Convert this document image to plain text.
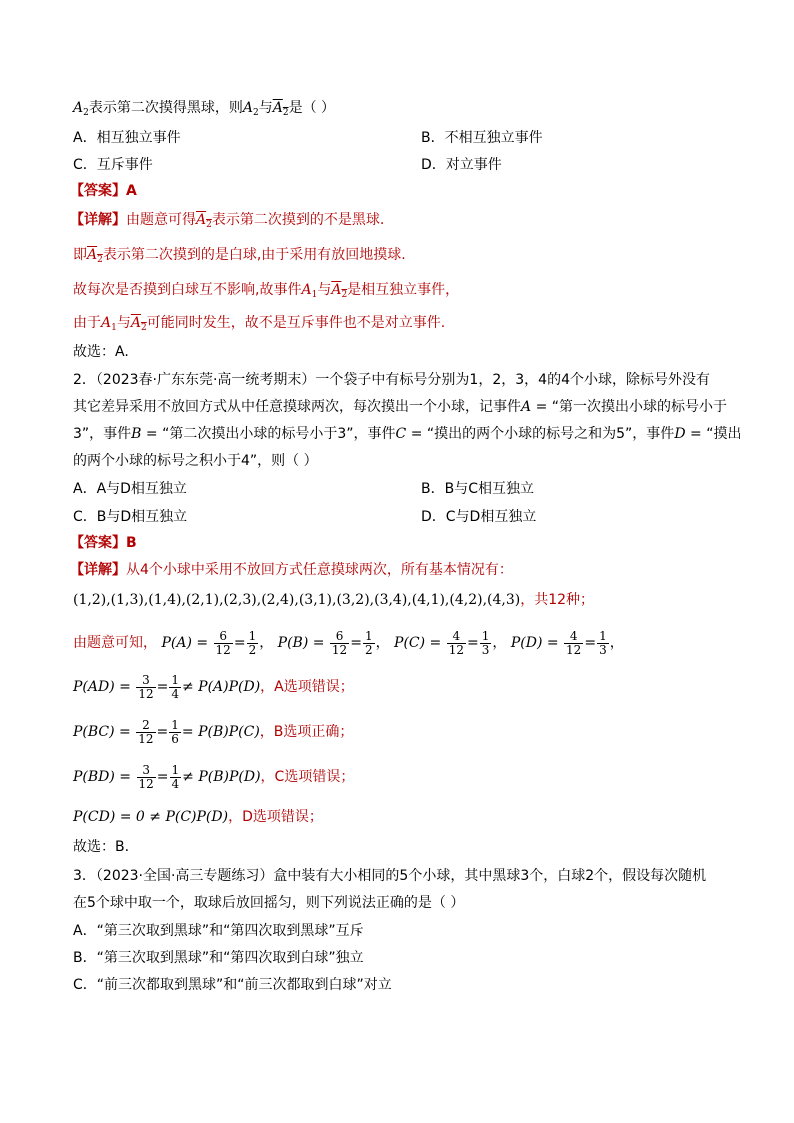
$A_2$表示第二次摸得黑球，则$A_2$与$A_2$是（ ）
A．相互独立事件	B．不相互独立事件
C．互斥事件	D．对立事件
【答案】A
【详解】由题意可得$A_2$表示第二次摸到的不是黑球.
即$A_2$表示第二次摸到的是白球,由于采用有放回地摸球.
故每次是否摸到白球互不影响,故事件$A_1$与$A_2$是相互独立事件，
由于$A_1$与$A_2$可能同时发生，故不是互斥事件也不是对立事件.
故选：A.
2．（2023春·广东东莞·高一统考期末）一个袋子中有标号分别为1，2，3，4的4个小球，除标号外没有
其它差异采用不放回方式从中任意摸球两次，每次摸出一个小球，记事件A = “第一次摸出小球的标号小于
3”，事件B = “第二次摸出小球的标号小于3”，事件C = “摸出的两个小球的标号之和为5”，事件D = “摸出
的两个小球的标号之积小于4”，则（ ）
A．A与D相互独立	B．B与C相互独立
C．B与D相互独立	D．C与D相互独立
【答案】B
【详解】从4个小球中采用不放回方式任意摸球两次，所有基本情况有：
(1,2),(1,3),(1,4),(2,1),(2,3),(2,4),(3,1),(3,2),(3,4),(4,1),(4,2),(4,3)，共12种；
由题意可知， $P(A) = \frac{6}{12} = \frac{1}{2}$ ， $P(B) = \frac{6}{12} = \frac{1}{2}$ ， $P(C) = \frac{4}{12} = \frac{1}{3}$ ， $P(D) = \frac{4}{12} = \frac{1}{3}$ ，
$P(AD) = \frac{3}{12} = \frac{1}{4} \ne P(A)P(D)$，A选项错误；
$P(BC) = \frac{2}{12} = \frac{1}{6} = P(B)P(C)$，B选项正确；
$P(BD) = \frac{3}{12} = \frac{1}{4} \ne P(B)P(D)$，C选项错误；
P(CD) = 0 ≠ P(C)P(D)，D选项错误；
故选：B.
3．（2023·全国·高三专题练习）盒中装有大小相同的5个小球，其中黑球3个，白球2个，假设每次随机
在5个球中取一个，取球后放回摇匀，则下列说法正确的是（ ）
A．“第三次取到黑球”和“第四次取到黑球”互斥
B．“第三次取到黑球”和“第四次取到白球”独立
C．“前三次都取到黑球”和“前三次都取到白球”对立
